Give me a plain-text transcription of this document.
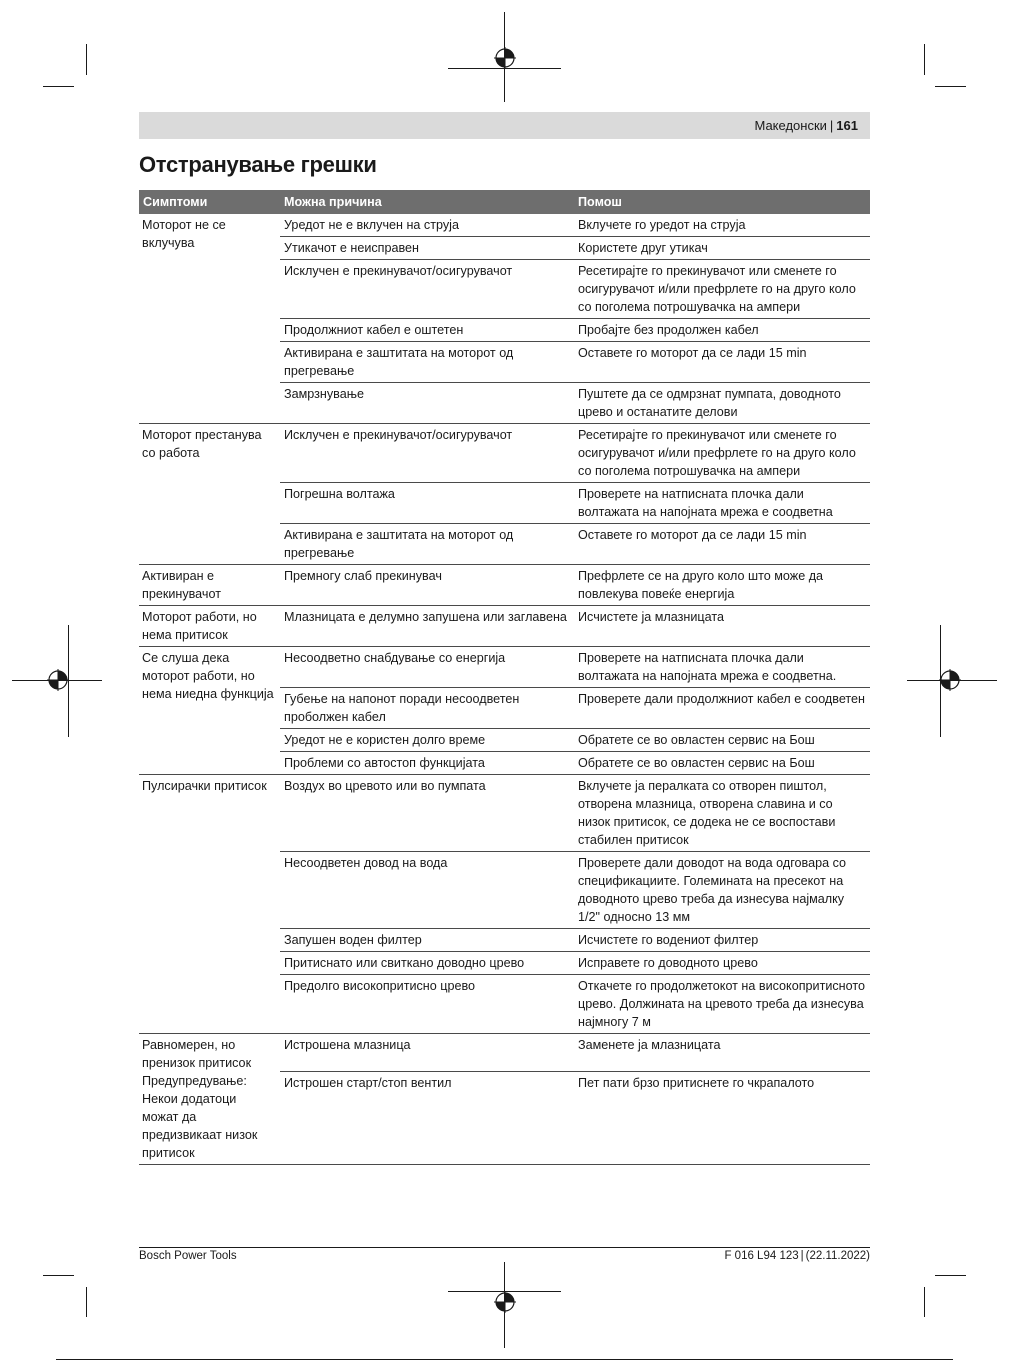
Македонски | 161
Отстранување грешки
Симптоми	Можна причина	Помош
Моторот не се вклучува	Уредот не е вклучен на струја	Вклучете го уредот на струја
	Утикачот е неисправен	Користете друг утикач
	Исклучен е прекинувачот/осигурувачот	Ресетирајте го прекинувачот или сменете го осигурувачот и/или префрлете го на друго коло со поголема потрошувачка на ампери
	Продолжниот кабел е оштетен	Пробајте без продолжен кабел
	Активирана е заштитата на моторот од прегревање	Оставете го моторот да се лади 15 min
	Замрзнување	Пуштете да се одмрзнат пумпата, доводното црево и останатите делови
Моторот престанува со работа	Исклучен е прекинувачот/осигурувачот	Ресетирајте го прекинувачот или сменете го осигурувачот и/или префрлете го на друго коло со поголема потрошувачка на ампери
	Погрешна волтажа	Проверете на натписната плочка дали волтажата на напојната мрежа е соодветна
	Активирана е заштитата на моторот од прегревање	Оставете го моторот да се лади 15 min
Активиран е прекинувачот	Премногу слаб прекинувач	Префрлете се на друго коло што може да повлекува повеќе енергија
Моторот работи, но нема притисок	Млазницата е делумно запушена или заглавена	Исчистете ја млазницата
Се слуша дека моторот работи, но нема ниедна функција	Несоодветно снабдување со енергија	Проверете на натписната плочка дали волтажата на напојната мрежа е соодветна.
	Губење на напонот поради несоодветен проболжен кабел	Проверете дали продолжниот кабел е соодветен
	Уредот не е користен долго време	Обратете се во овластен сервис на Бош
	Проблеми со автостоп функцијата	Обратете се во овластен сервис на Бош
Пулсирачки притисок	Воздух во цревото или во пумпата	Вклучете ја пералката со отворен пиштол, отворена млазница, отворена славина и со низок притисок, се додека не се воспостави стабилен притисок
	Несоодветен довод на вода	Проверете дали доводот на вода одговара со спецификациите. Големината на пресекот на доводното црево треба да изнесува најмалку 1/2" односно 13 мм
	Запушен воден филтер	Исчистете го водениот филтер
	Притиснато или свиткано доводно црево	Исправете го доводното црево
	Предолго високопритисно црево	Откачете го продолжетокот на високопритисното црево. Должината на цревото треба да изнесува најмногу 7 м
Равномерен, но пренизок притисок Предупредување: Некои додатоци можат да предизвикаат низок притисок	Истрошена млазница	Заменете ја млазницата
	Истрошен старт/стоп вентил	Пет пати брзо притиснете го чкрапалото
Bosch Power Tools	F 016 L94 123 | (22.11.2022)
